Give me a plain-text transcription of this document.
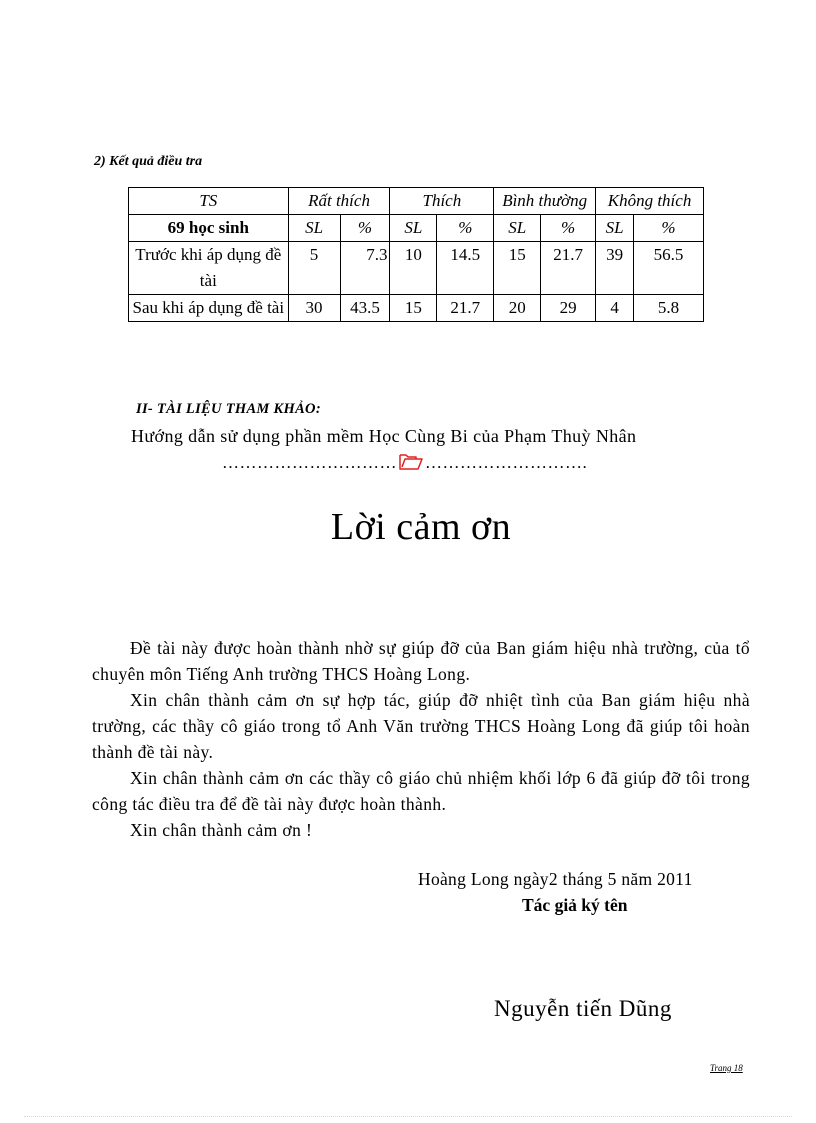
2) Kết quả điều tra
TS	Rất thích		Thích		Bình thường		Không thích	
69 học sinh	SL	%	SL	%	SL	%	SL	%
Trước khi áp dụng đề tài	5	7.3	10	14.5	15	21.7	39	56.5
Sau khi áp dụng đề tài	30	43.5	15	21.7	20	29	4	5.8
II- TÀI LIỆU THAM KHẢO:
Hướng dẫn sử dụng phần mềm Học Cùng Bi của Phạm Thuỳ Nhân
………………………… ……………………….
Lời cảm ơn

Đề tài này được hoàn thành nhờ sự giúp đỡ của Ban giám hiệu nhà trường, của tổ chuyên môn Tiếng Anh trường THCS Hoàng Long.

Xin chân thành cảm ơn sự hợp tác, giúp đỡ nhiệt tình của Ban giám hiệu nhà trường, các thầy cô giáo trong tổ Anh Văn trường THCS Hoàng Long đã giúp tôi hoàn thành đề tài này.

Xin chân thành cảm ơn các thầy cô giáo chủ nhiệm khối lớp 6 đã giúp đỡ tôi trong công tác điều tra để đề tài này được hoàn thành.

Xin chân thành cảm ơn !

Hoàng Long ngày2 tháng 5 năm 2011
Tác giả ký tên
Nguyễn tiến Dũng
Trang 18
